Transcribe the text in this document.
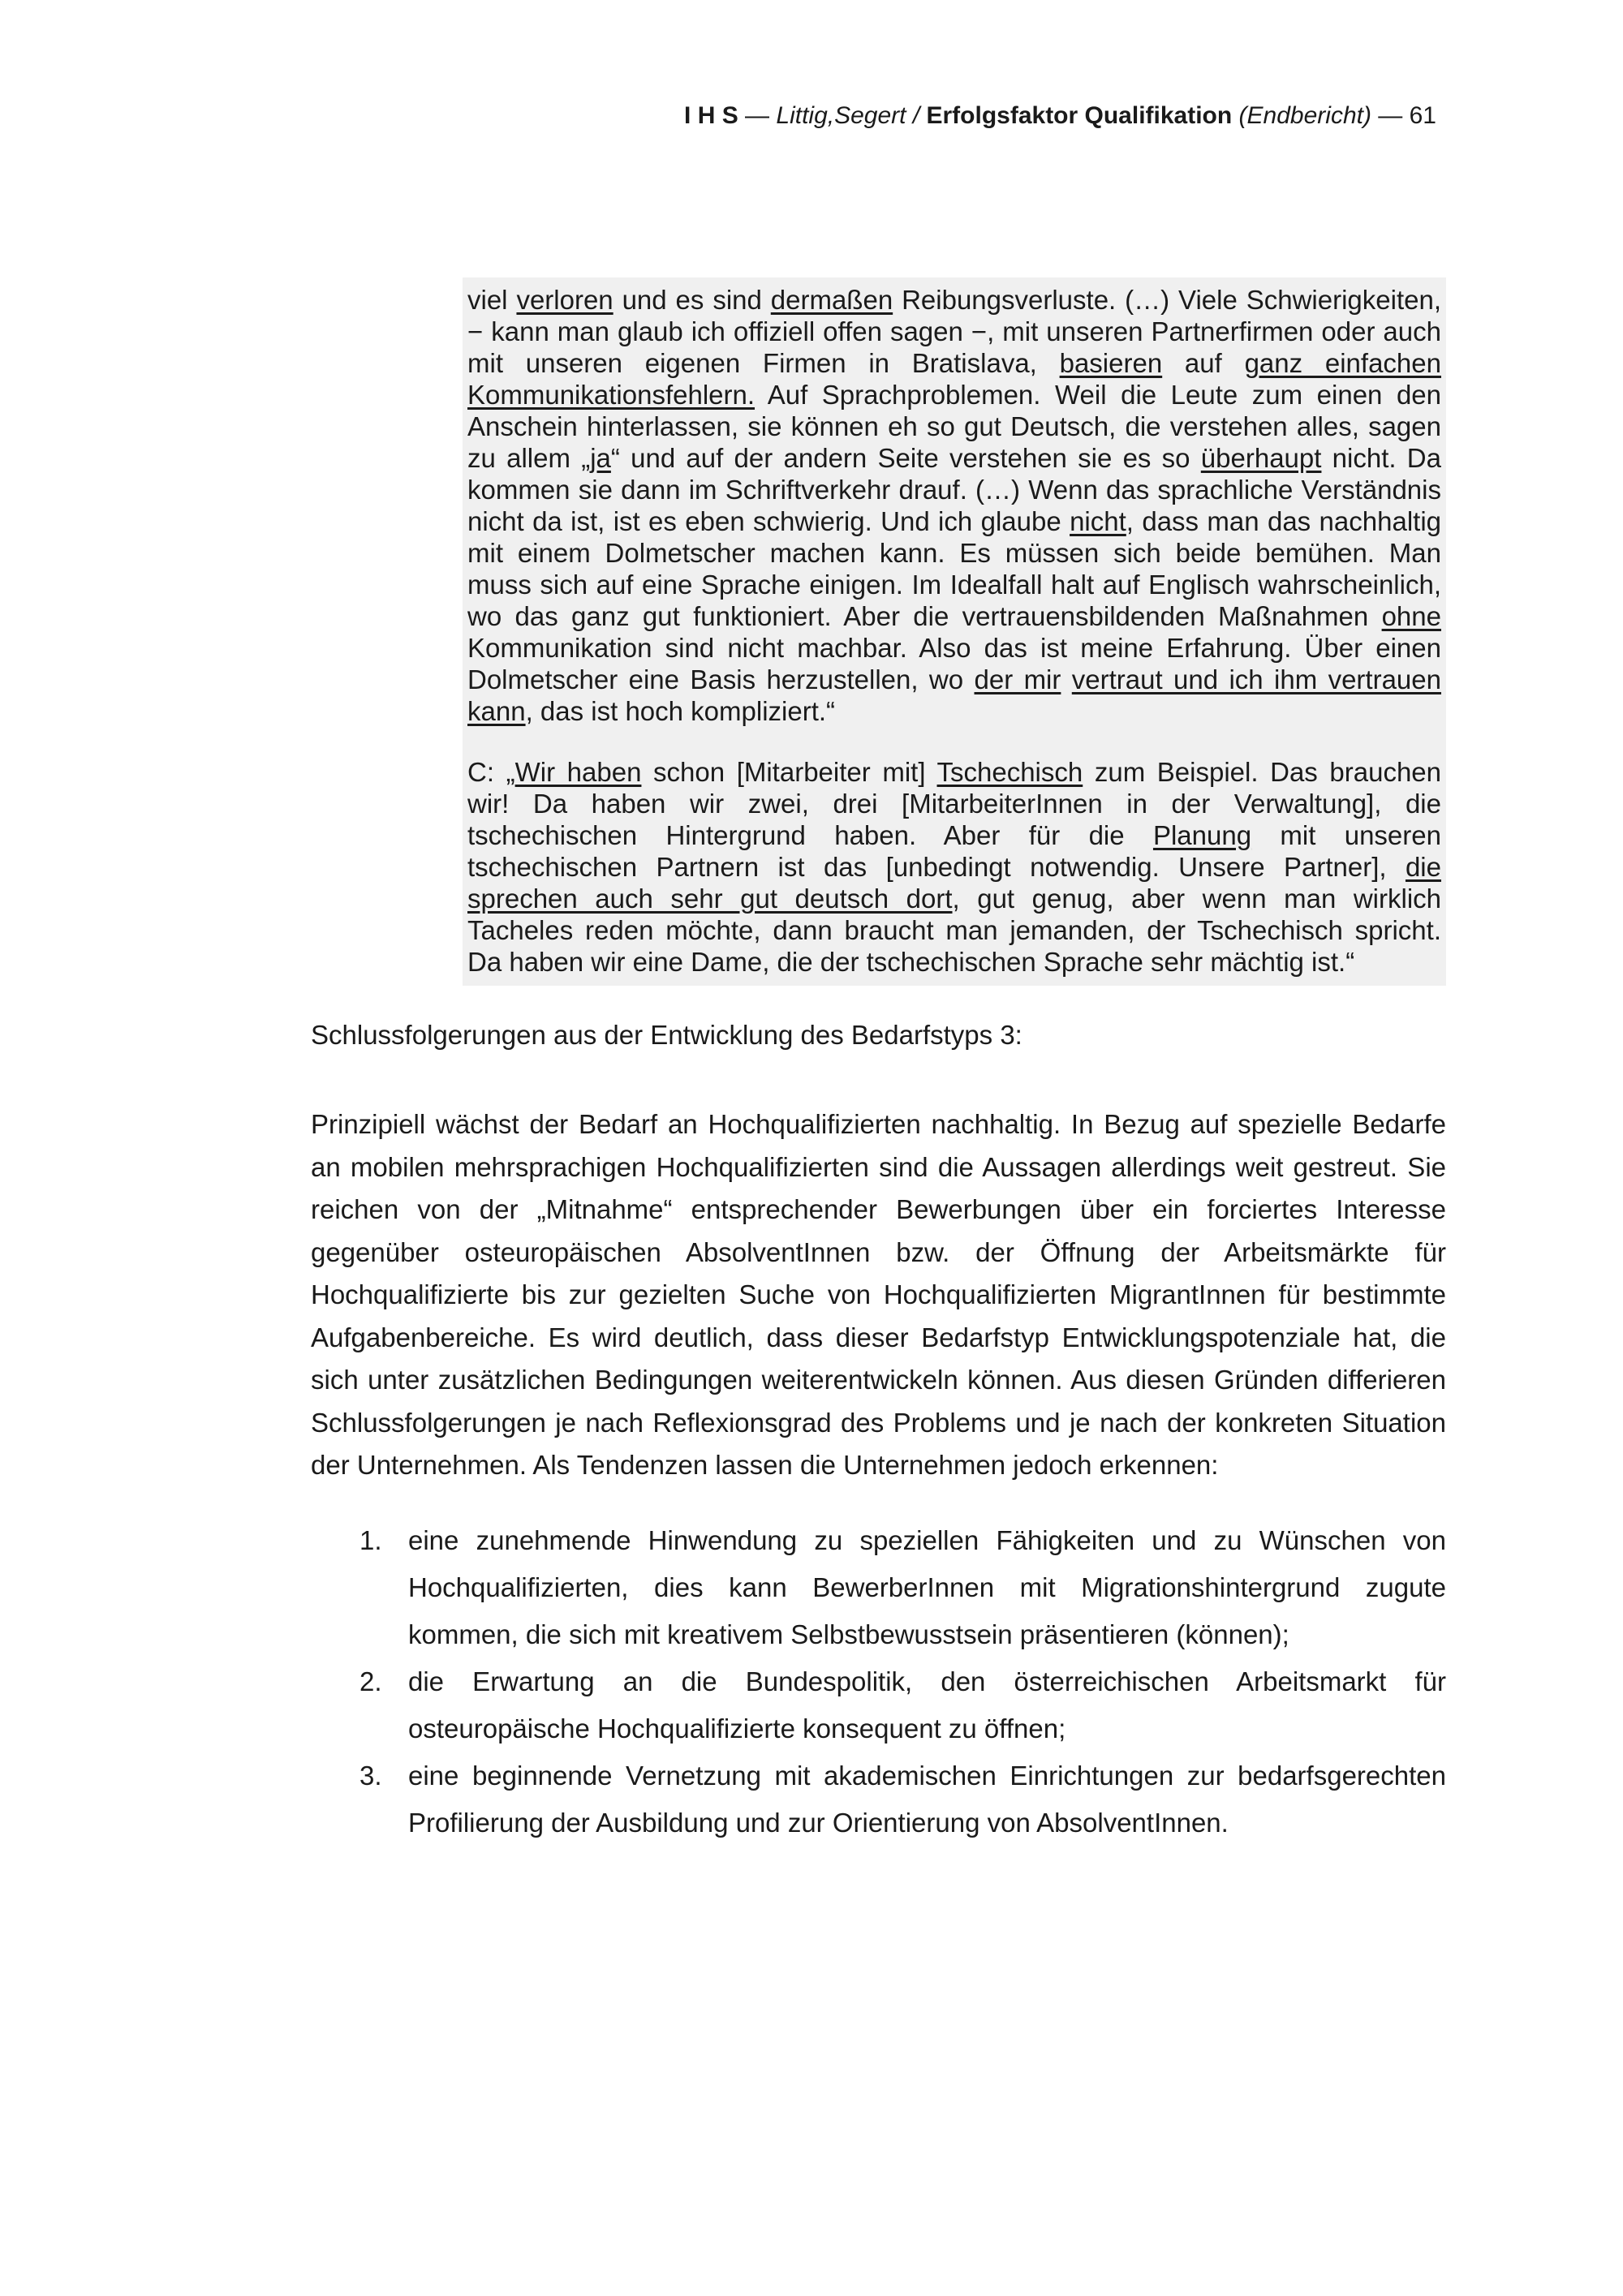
I H S — Littig,Segert / Erfolgsfaktor Qualifikation (Endbericht) — 61

viel verloren und es sind dermaßen Reibungsverluste. (…) Viele Schwierigkeiten, − kann man glaub ich offiziell offen sagen −, mit unseren Partnerfirmen oder auch mit unseren eigenen Firmen in Bratislava, basieren auf ganz einfachen Kommunikationsfehlern. Auf Sprachproblemen. Weil die Leute zum einen den Anschein hinterlassen, sie können eh so gut Deutsch, die verstehen alles, sagen zu allem „ja“ und auf der andern Seite verstehen sie es so überhaupt nicht. Da kommen sie dann im Schriftverkehr drauf. (…) Wenn das sprachliche Verständnis nicht da ist, ist es eben schwierig. Und ich glaube nicht, dass man das nachhaltig mit einem Dolmetscher machen kann. Es müssen sich beide bemühen. Man muss sich auf eine Sprache einigen. Im Idealfall halt auf Englisch wahrscheinlich, wo das ganz gut funktioniert. Aber die vertrauensbildenden Maßnahmen ohne Kommunikation sind nicht machbar. Also das ist meine Erfahrung. Über einen Dolmetscher eine Basis herzustellen, wo der mir vertraut und ich ihm vertrauen kann, das ist hoch kompliziert.“

C: „Wir haben schon [Mitarbeiter mit] Tschechisch zum Beispiel. Das brauchen wir! Da haben wir zwei, drei [MitarbeiterInnen in der Verwaltung], die tschechischen Hintergrund haben. Aber für die Planung mit unseren tschechischen Partnern ist das [unbedingt notwendig. Unsere Partner], die sprechen auch sehr gut deutsch dort, gut genug, aber wenn man wirklich Tacheles reden möchte, dann braucht man jemanden, der Tschechisch spricht. Da haben wir eine Dame, die der tschechischen Sprache sehr mächtig ist.“

Schlussfolgerungen aus der Entwicklung des Bedarfstyps 3:

Prinzipiell wächst der Bedarf an Hochqualifizierten nachhaltig. In Bezug auf spezielle Bedarfe an mobilen mehrsprachigen Hochqualifizierten sind die Aussagen allerdings weit gestreut. Sie reichen von der „Mitnahme“ entsprechender Bewerbungen über ein forciertes Interesse gegenüber osteuropäischen AbsolventInnen bzw. der Öffnung der Arbeitsmärkte für Hochqualifizierte bis zur gezielten Suche von Hochqualifizierten MigrantInnen für bestimmte Aufgabenbereiche. Es wird deutlich, dass dieser Bedarfstyp Entwicklungspotenziale hat, die sich unter zusätzlichen Bedingungen weiterentwickeln können. Aus diesen Gründen differieren Schlussfolgerungen je nach Reflexionsgrad des Problems und je nach der konkreten Situation der Unternehmen. Als Tendenzen lassen die Unternehmen jedoch erkennen:

1. eine zunehmende Hinwendung zu speziellen Fähigkeiten und zu Wünschen von Hochqualifizierten, dies kann BewerberInnen mit Migrationshintergrund zugute kommen, die sich mit kreativem Selbstbewusstsein präsentieren (können);
2. die Erwartung an die Bundespolitik, den österreichischen Arbeitsmarkt für osteuropäische Hochqualifizierte konsequent zu öffnen;
3. eine beginnende Vernetzung mit akademischen Einrichtungen zur bedarfsgerechten Profilierung der Ausbildung und zur Orientierung von AbsolventInnen.
